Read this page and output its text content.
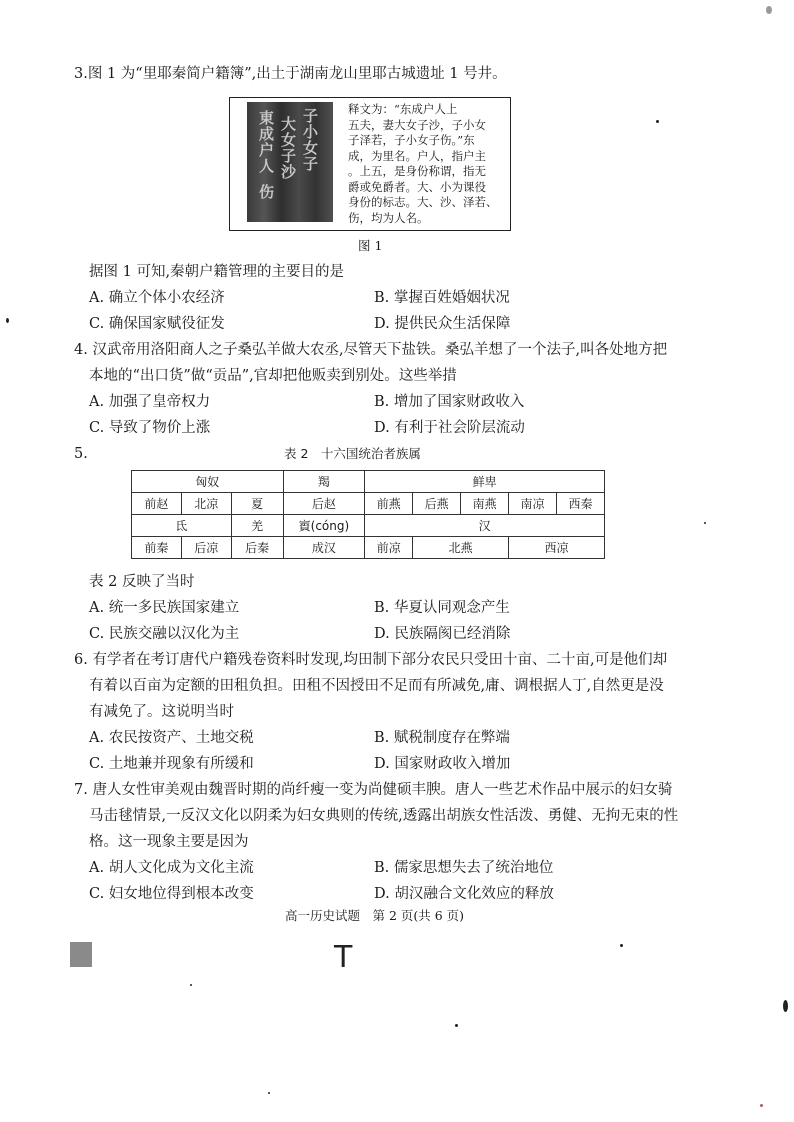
3.图 1 为“里耶秦简户籍簿”,出土于湖南龙山里耶古城遗址 1 号井。
東
成
户
人
大
女
子
沙
子
小
女
子
伤
释文为：“东成户人上
五夫，妻大女子沙，子小女
子泽若，子小女子伤。”东
成，为里名。户人，指户主
。上五，是身份称谓，指无
爵或免爵者。大、小为课役
身份的标志。大、沙、泽若、
伤，均为人名。
图 1
据图 1 可知,秦朝户籍管理的主要目的是
A. 确立个体小农经济	B. 掌握百姓婚姻状况
C. 确保国家赋役征发	D. 提供民众生活保障
4. 汉武帝用洛阳商人之子桑弘羊做大农丞,尽管天下盐铁。桑弘羊想了一个法子,叫各处地方把
本地的“出口货”做“贡品”,官却把他贩卖到别处。这些举措
A. 加强了皇帝权力	B. 增加了国家财政收入
C. 导致了物价上涨	D. 有利于社会阶层流动
5.	表 2　十六国统治者族属
匈奴			羯	鲜卑				
前赵	北凉	夏	后赵	前燕	后燕	南燕	南凉	西秦
氐		羌	賨(cóng)	汉				
前秦	后凉	后秦	成汉	前凉	北燕		西凉	
表 2 反映了当时
A. 统一多民族国家建立	B. 华夏认同观念产生
C. 民族交融以汉化为主	D. 民族隔阂已经消除
6. 有学者在考订唐代户籍残卷资料时发现,均田制下部分农民只受田十亩、二十亩,可是他们却
有着以百亩为定额的田租负担。田租不因授田不足而有所减免,庸、调根据人丁,自然更是没
有减免了。这说明当时
A. 农民按资产、土地交税	B. 赋税制度存在弊端
C. 土地兼并现象有所缓和	D. 国家财政收入增加
7. 唐人女性审美观由魏晋时期的尚纤瘦一变为尚健硕丰腴。唐人一些艺术作品中展示的妇女骑
马击毬情景,一反汉文化以阴柔为妇女典则的传统,透露出胡族女性活泼、勇健、无拘无束的性
格。这一现象主要是因为
A. 胡人文化成为文化主流	B. 儒家思想失去了统治地位
C. 妇女地位得到根本改变	D. 胡汉融合文化效应的释放
高一历史试题　第 2 页(共 6 页)
T
